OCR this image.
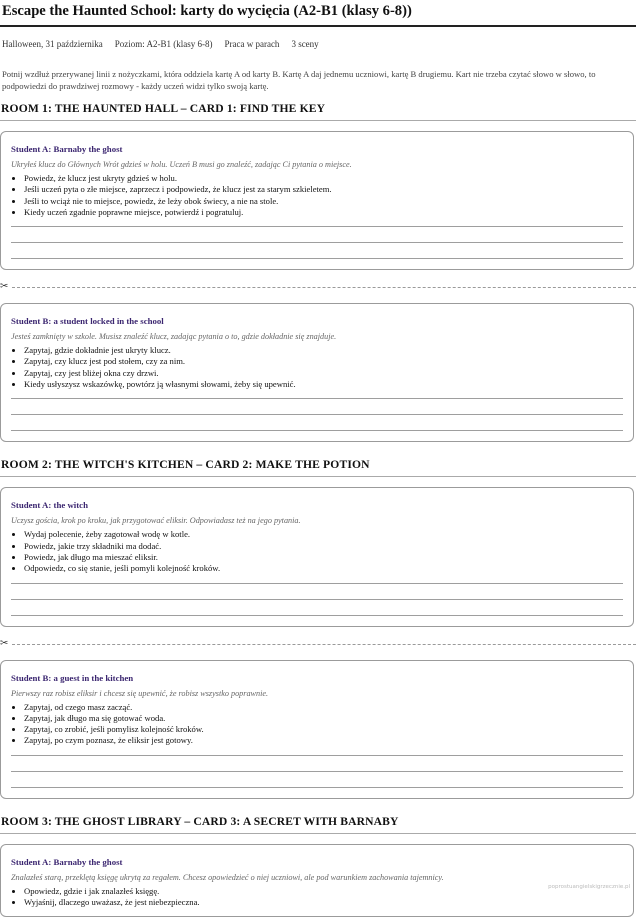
Escape the Haunted School: karty do wycięcia (A2-B1 (klasy 6-8))
Halloween, 31 października Poziom: A2-B1 (klasy 6-8) Praca w parach 3 sceny

Potnij wzdłuż przerywanej linii z nożyczkami, która oddziela kartę A od karty B. Kartę A daj jednemu uczniowi, kartę B drugiemu. Kart nie trzeba czytać słowo w słowo, to podpowiedzi do prawdziwej rozmowy - każdy uczeń widzi tylko swoją kartę.

ROOM 1: THE HAUNTED HALL – CARD 1: FIND THE KEY

Student A: Barnaby the ghost

Ukryłeś klucz do Głównych Wrót gdzieś w holu. Uczeń B musi go znaleźć, zadając Ci pytania o miejsce.

• Powiedz, że klucz jest ukryty gdzieś w holu.
• Jeśli uczeń pyta o złe miejsce, zaprzecz i podpowiedz, że klucz jest za starym szkieletem.
• Jeśli to wciąż nie to miejsce, powiedz, że leży obok świecy, a nie na stole.
• Kiedy uczeń zgadnie poprawne miejsce, potwierdź i pogratuluj.
✂

Student B: a student locked in the school

Jesteś zamknięty w szkole. Musisz znaleźć klucz, zadając pytania o to, gdzie dokładnie się znajduje.

• Zapytaj, gdzie dokładnie jest ukryty klucz.
• Zapytaj, czy klucz jest pod stołem, czy za nim.
• Zapytaj, czy jest bliżej okna czy drzwi.
• Kiedy usłyszysz wskazówkę, powtórz ją własnymi słowami, żeby się upewnić.
ROOM 2: THE WITCH'S KITCHEN – CARD 2: MAKE THE POTION

Student A: the witch

Uczysz gościa, krok po kroku, jak przygotować eliksir. Odpowiadasz też na jego pytania.

• Wydaj polecenie, żeby zagotował wodę w kotle.
• Powiedz, jakie trzy składniki ma dodać.
• Powiedz, jak długo ma mieszać eliksir.
• Odpowiedz, co się stanie, jeśli pomyli kolejność kroków.
✂

Student B: a guest in the kitchen

Pierwszy raz robisz eliksir i chcesz się upewnić, że robisz wszystko poprawnie.

• Zapytaj, od czego masz zacząć.
• Zapytaj, jak długo ma się gotować woda.
• Zapytaj, co zrobić, jeśli pomylisz kolejność kroków.
• Zapytaj, po czym poznasz, że eliksir jest gotowy.
ROOM 3: THE GHOST LIBRARY – CARD 3: A SECRET WITH BARNABY

Student A: Barnaby the ghost

Znalazłeś starą, przeklętą księgę ukrytą za regałem. Chcesz opowiedzieć o niej uczniowi, ale pod warunkiem zachowania tajemnicy.

• Opowiedz, gdzie i jak znalazłeś księgę.
• Wyjaśnij, dlaczego uważasz, że jest niebezpieczna.
poprostuangielskigrzecznie.pl
